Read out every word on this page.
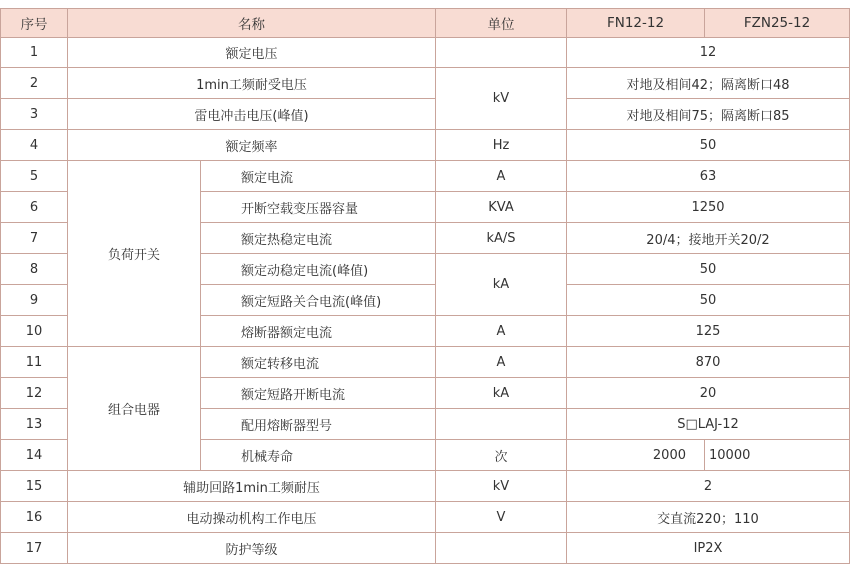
序号	名称		单位	FN12-12	FZN25-12
1	额定电压			12	
2	1min工频耐受电压		kV	对地及相间42；隔离断口48	
3	雷电冲击电压(峰值)			对地及相间75；隔离断口85	
4	额定频率		Hz	50	
5	负荷开关	额定电流	A	63	
6		开断空载变压器容量	KVA	1250	
7		额定热稳定电流	kA/S	20/4；接地开关20/2	
8		额定动稳定电流(峰值)	kA	50	
9		额定短路关合电流(峰值)		50	
10		熔断器额定电流	A	125	
11	组合电器	额定转移电流	A	870	
12		额定短路开断电流	kA	20	
13		配用熔断器型号		S□LAJ-12	
14		机械寿命	次	2000	10000
15	辅助回路1min工频耐压		kV	2	
16	电动操动机构工作电压		V	交直流220；110	
17	防护等级			IP2X	
